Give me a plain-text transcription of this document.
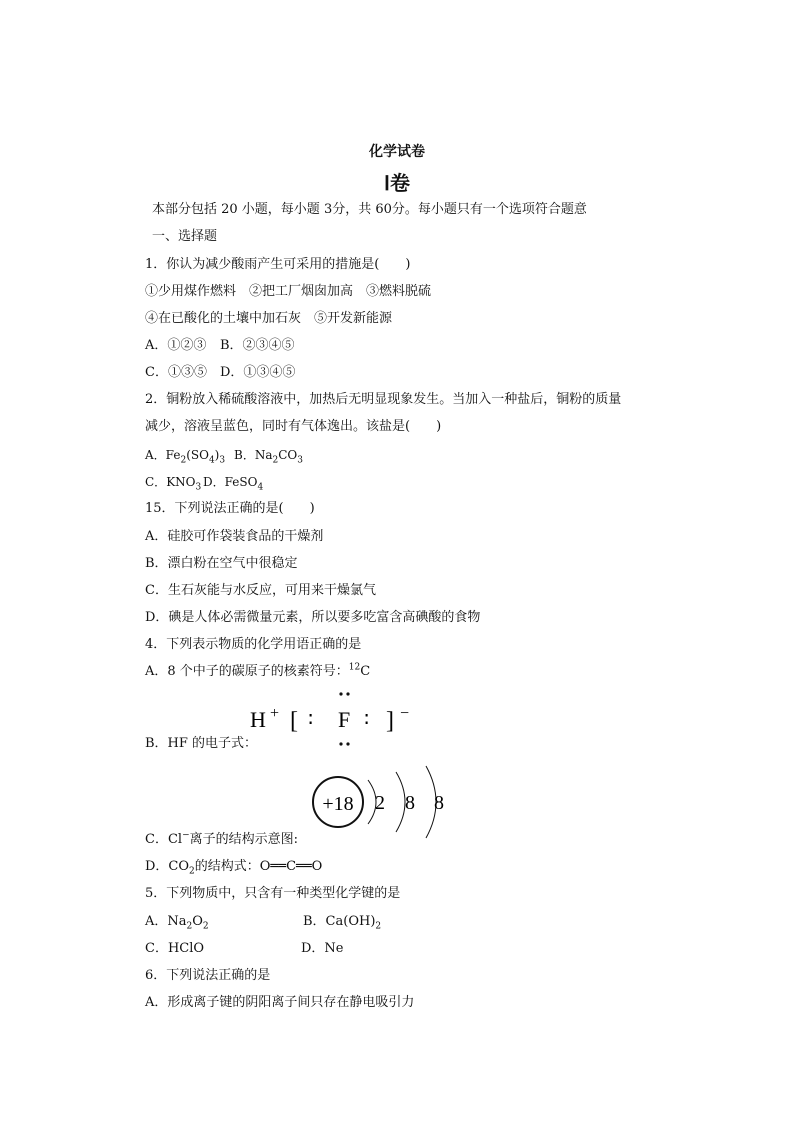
化学试卷
Ⅰ卷
本部分包括 20 小题，每小题 3分，共 60分。每小题只有一个选项符合题意
一、选择题
1．你认为减少酸雨产生可采用的措施是(　　)
①少用煤作燃料　②把工厂烟囱加高　③燃料脱硫
④在已酸化的土壤中加石灰　⑤开发新能源
A．①②③ B．②③④⑤
C．①③⑤ D．①③④⑤
2．铜粉放入稀硫酸溶液中，加热后无明显现象发生。当加入一种盐后，铜粉的质量
减少，溶液呈蓝色，同时有气体逸出。该盐是(　　)
A．$Fe_2(SO_4)_3$ B．$Na_2CO_3$
C．$KNO_3$ D．FeSO$_4$
15．下列说法正确的是(　　)
A．硅胶可作袋装食品的干燥剂
B．漂白粉在空气中很稳定
C．生石灰能与水反应，可用来干燥氯气
D．碘是人体必需微量元素，所以要多吃富含高碘酸的食物
4．下列表示物质的化学用语正确的是
A．8 个中子的碳原子的核素符号：$^{12}$C
H + [ ∶ F ∶ ] −
B．HF 的电子式：
+18 2 8 8
C．Cl−离子的结构示意图:
D．$CO_2$的结构式：O══C══O
5．下列物质中，只含有一种类型化学键的是
A．$Na_2O_2$	B．$Ca(OH)_2$
C．HClO	D．Ne
6．下列说法正确的是
A．形成离子键的阴阳离子间只存在静电吸引力
